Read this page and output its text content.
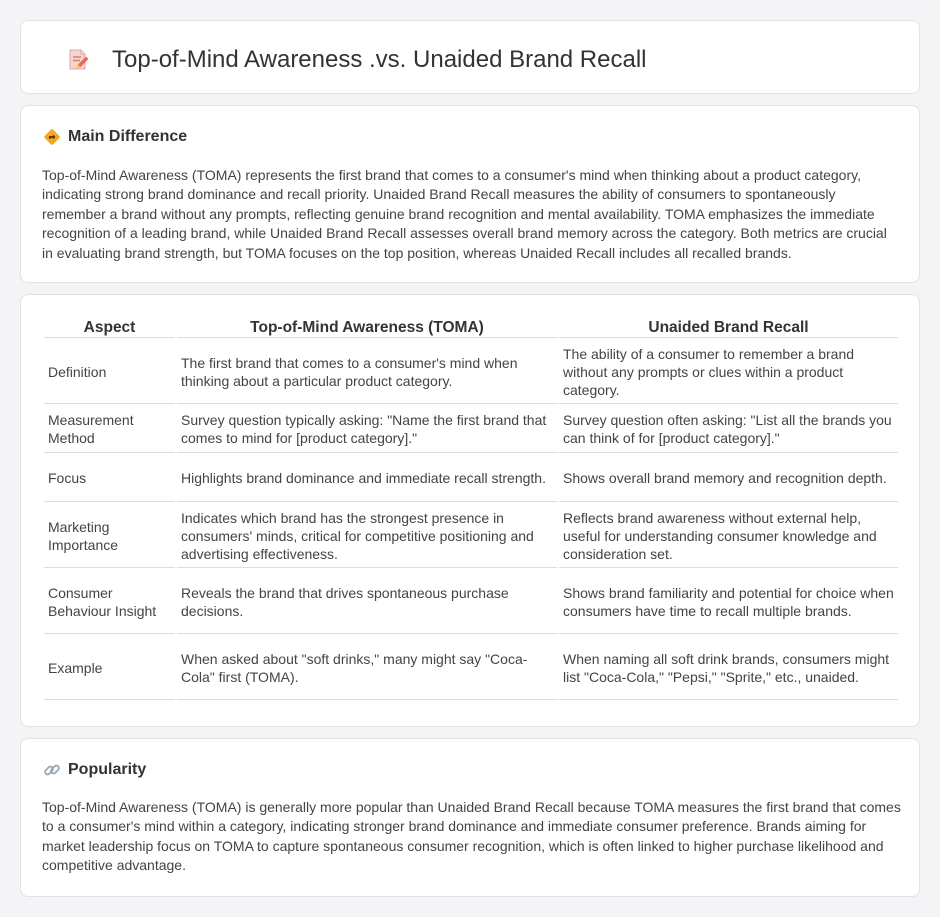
Top-of-Mind Awareness .vs. Unaided Brand Recall
Main Difference

Top-of-Mind Awareness (TOMA) represents the first brand that comes to a consumer's mind when thinking about a product category, indicating strong brand dominance and recall priority. Unaided Brand Recall measures the ability of consumers to spontaneously remember a brand without any prompts, reflecting genuine brand recognition and mental availability. TOMA emphasizes the immediate recognition of a leading brand, while Unaided Brand Recall assesses overall brand memory across the category. Both metrics are crucial in evaluating brand strength, but TOMA focuses on the top position, whereas Unaided Recall includes all recalled brands.

Aspect	Top-of-Mind Awareness (TOMA)	Unaided Brand Recall
Definition	The first brand that comes to a consumer's mind when thinking about a particular product category.	The ability of a consumer to remember a brand without any prompts or clues within a product category.
Measurement Method	Survey question typically asking: "Name the first brand that comes to mind for [product category]."	Survey question often asking: "List all the brands you can think of for [product category]."
Focus	Highlights brand dominance and immediate recall strength.	Shows overall brand memory and recognition depth.
Marketing Importance	Indicates which brand has the strongest presence in consumers' minds, critical for competitive positioning and advertising effectiveness.	Reflects brand awareness without external help, useful for understanding consumer knowledge and consideration set.
Consumer Behaviour Insight	Reveals the brand that drives spontaneous purchase decisions.	Shows brand familiarity and potential for choice when consumers have time to recall multiple brands.
Example	When asked about "soft drinks," many might say "Coca-Cola" first (TOMA).	When naming all soft drink brands, consumers might list "Coca-Cola," "Pepsi," "Sprite," etc., unaided.
Popularity

Top-of-Mind Awareness (TOMA) is generally more popular than Unaided Brand Recall because TOMA measures the first brand that comes to a consumer's mind within a category, indicating stronger brand dominance and immediate consumer preference. Brands aiming for market leadership focus on TOMA to capture spontaneous consumer recognition, which is often linked to higher purchase likelihood and competitive advantage.
